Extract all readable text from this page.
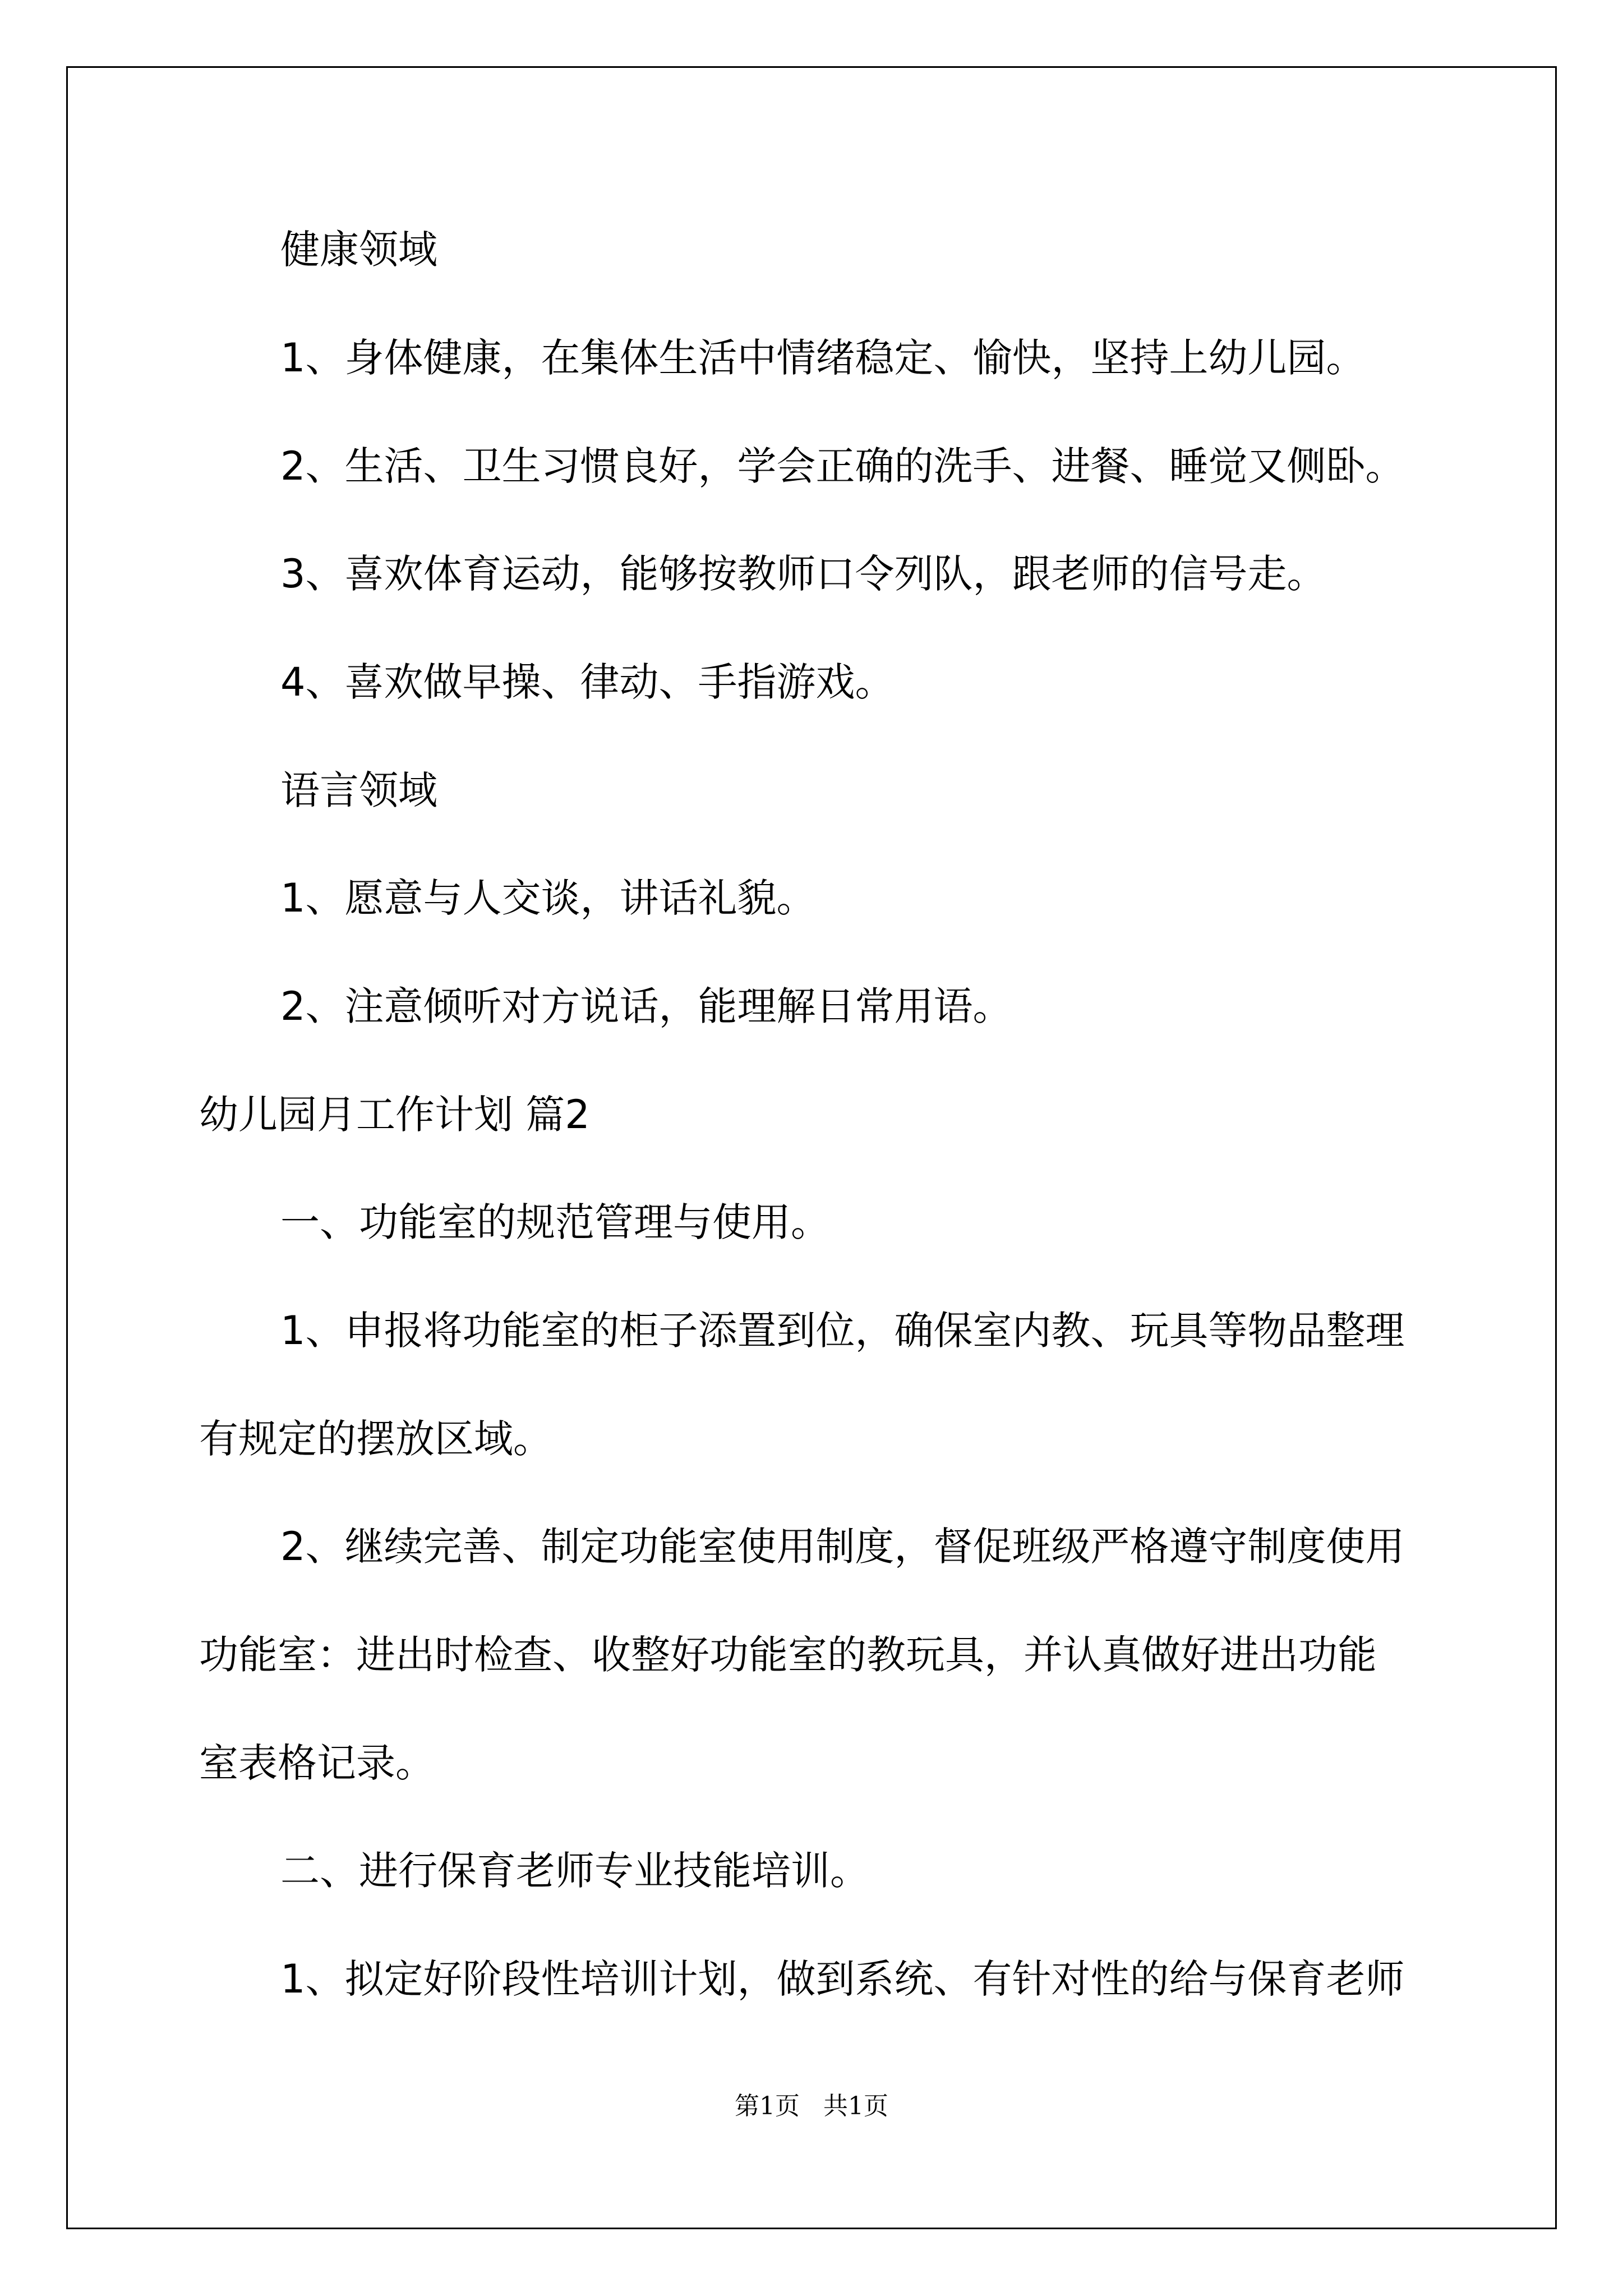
健康领域

1、身体健康，在集体生活中情绪稳定、愉快，坚持上幼儿园。

2、生活、卫生习惯良好，学会正确的洗手、进餐、睡觉又侧卧。

3、喜欢体育运动，能够按教师口令列队，跟老师的信号走。

4、喜欢做早操、律动、手指游戏。

语言领域

1、愿意与人交谈，讲话礼貌。

2、注意倾听对方说话，能理解日常用语。

幼儿园月工作计划 篇2

一、功能室的规范管理与使用。

1、申报将功能室的柜子添置到位，确保室内教、玩具等物品整理

有规定的摆放区域。

2、继续完善、制定功能室使用制度，督促班级严格遵守制度使用

功能室：进出时检查、收整好功能室的教玩具，并认真做好进出功能

室表格记录。

二、进行保育老师专业技能培训。

1、拟定好阶段性培训计划，做到系统、有针对性的给与保育老师

第1页   共1页
